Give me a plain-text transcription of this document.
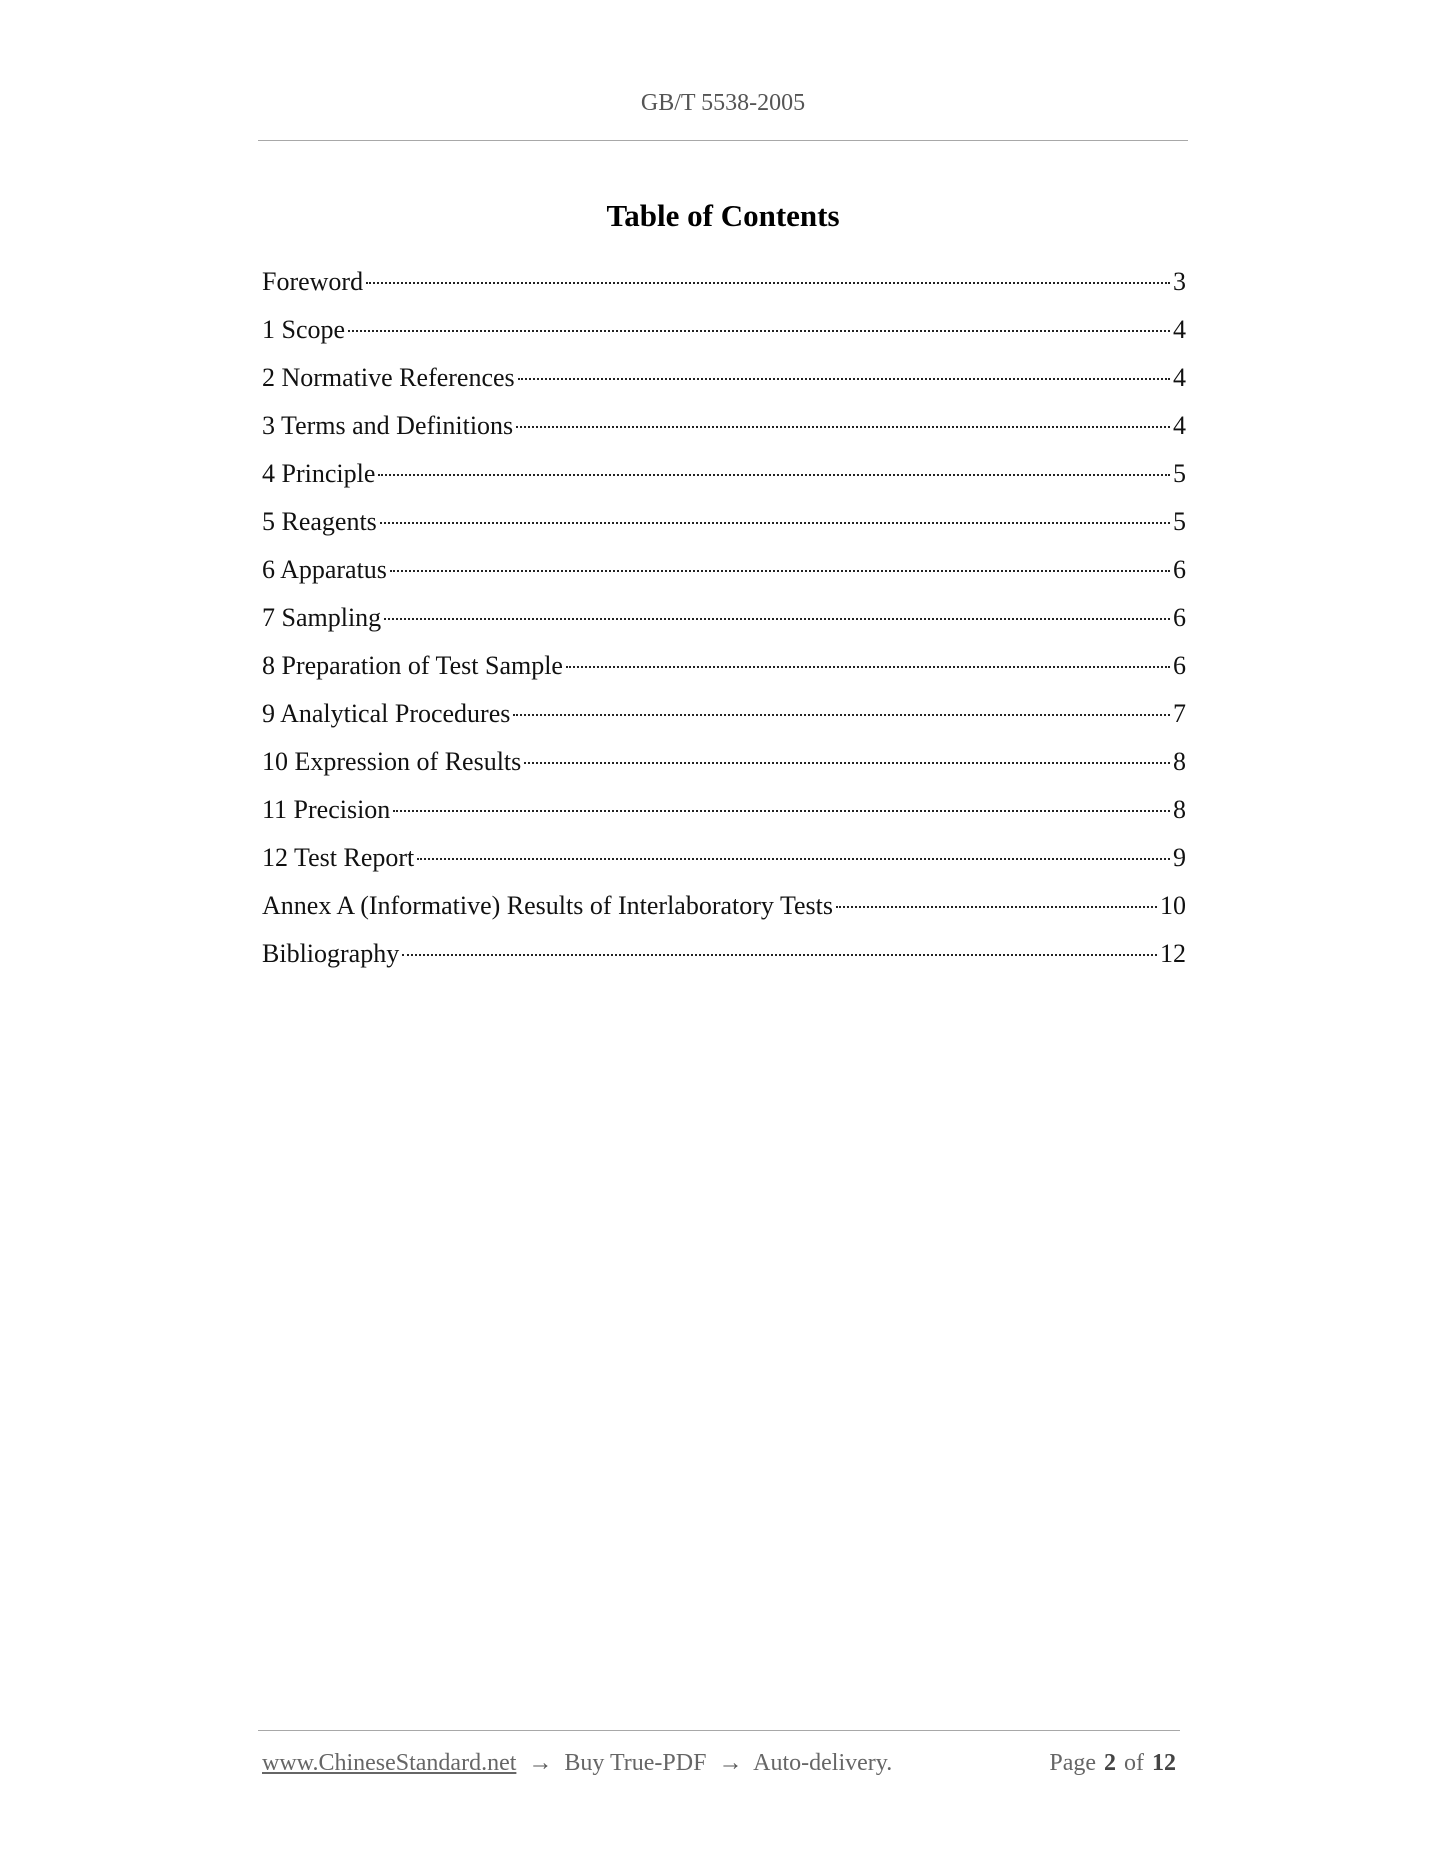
GB/T 5538-2005
Table of Contents
Foreword	3
1 Scope	4
2 Normative References	4
3 Terms and Definitions	4
4 Principle	5
5 Reagents	5
6 Apparatus	6
7 Sampling	6
8 Preparation of Test Sample	6
9 Analytical Procedures	7
10 Expression of Results	8
11 Precision	8
12 Test Report	9
Annex A (Informative) Results of Interlaboratory Tests	10
Bibliography	12
www.ChineseStandard.net → Buy True-PDF → Auto-delivery.	Page 2 of 12
